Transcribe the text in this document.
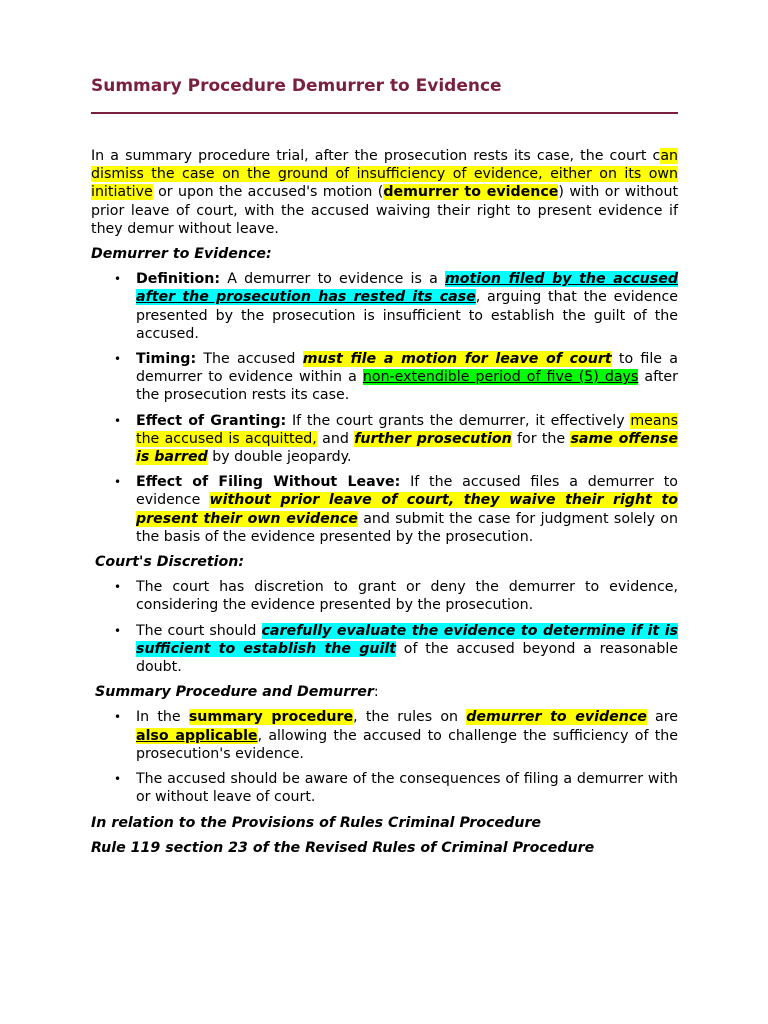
Summary Procedure Demurrer to Evidence

In a summary procedure trial, after the prosecution rests its case, the court can dismiss the case on the ground of insufficiency of evidence, either on its own initiative or upon the accused's motion (demurrer to evidence) with or without prior leave of court, with the accused waiving their right to present evidence if they demur without leave.

Demurrer to Evidence:

• Definition: A demurrer to evidence is a motion filed by the accused after the prosecution has rested its case, arguing that the evidence presented by the prosecution is insufficient to establish the guilt of the accused.
• Timing: The accused must file a motion for leave of court to file a demurrer to evidence within a non-extendible period of five (5) days after the prosecution rests its case.
• Effect of Granting: If the court grants the demurrer, it effectively means the accused is acquitted, and further prosecution for the same offense is barred by double jeopardy.
• Effect of Filing Without Leave: If the accused files a demurrer to evidence without prior leave of court, they waive their right to present their own evidence and submit the case for judgment solely on the basis of the evidence presented by the prosecution.

Court's Discretion:

• The court has discretion to grant or deny the demurrer to evidence, considering the evidence presented by the prosecution.
• The court should carefully evaluate the evidence to determine if it is sufficient to establish the guilt of the accused beyond a reasonable doubt.

Summary Procedure and Demurrer:

• In the summary procedure, the rules on demurrer to evidence are also applicable, allowing the accused to challenge the sufficiency of the prosecution's evidence.
• The accused should be aware of the consequences of filing a demurrer with or without leave of court.

In relation to the Provisions of Rules Criminal Procedure

Rule 119 section 23 of the Revised Rules of Criminal Procedure
